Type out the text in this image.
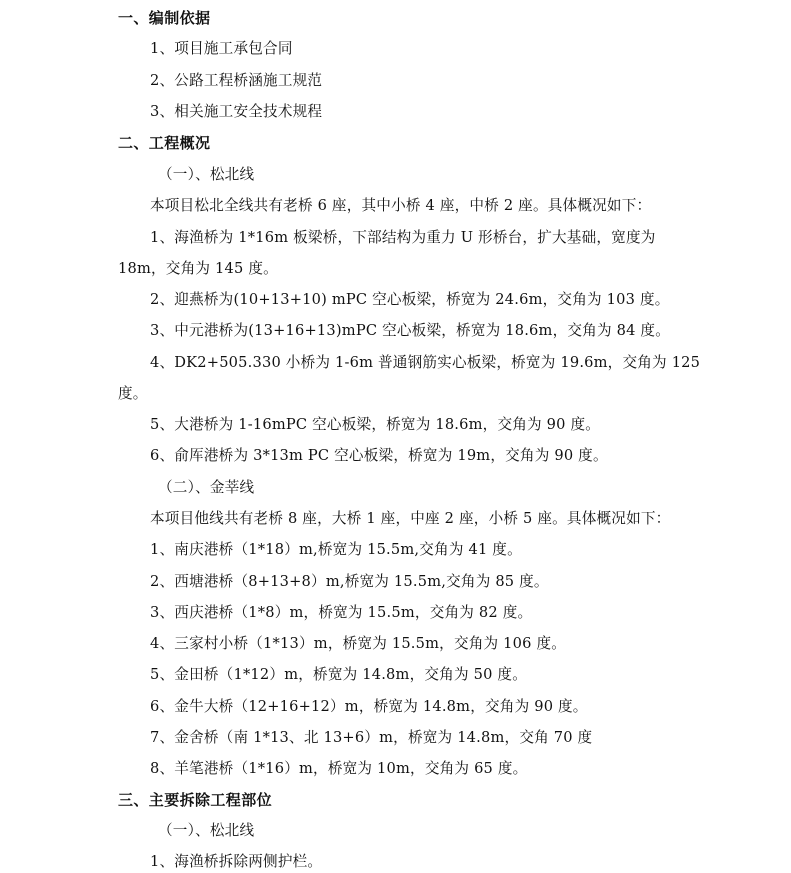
一、编制依据
1、项目施工承包合同
2、公路工程桥涵施工规范
3、相关施工安全技术规程
二、工程概况
（一）、松北线
本项目松北全线共有老桥 6 座，其中小桥 4 座，中桥 2 座。具体概况如下：
1、海渔桥为 1*16m 板梁桥，下部结构为重力 U 形桥台，扩大基础，宽度为
18m，交角为 145 度。
2、迎燕桥为(10+13+10) mPC 空心板梁，桥宽为 24.6m，交角为 103 度。
3、中元港桥为(13+16+13)mPC 空心板梁，桥宽为 18.6m，交角为 84 度。
4、DK2+505.330 小桥为 1-6m 普通钢筋实心板梁，桥宽为 19.6m，交角为 125
度。
5、大港桥为 1-16mPC 空心板梁，桥宽为 18.6m，交角为 90 度。
6、俞厍港桥为 3*13m PC 空心板梁，桥宽为 19m，交角为 90 度。
（二）、金莘线
本项目他线共有老桥 8 座，大桥 1 座，中座 2 座，小桥 5 座。具体概况如下：
1、南庆港桥（1*18）m,桥宽为 15.5m,交角为 41 度。
2、西塘港桥（8+13+8）m,桥宽为 15.5m,交角为 85 度。
3、西庆港桥（1*8）m，桥宽为 15.5m，交角为 82 度。
4、三家村小桥（1*13）m，桥宽为 15.5m，交角为 106 度。
5、金田桥（1*12）m，桥宽为 14.8m，交角为 50 度。
6、金牛大桥（12+16+12）m，桥宽为 14.8m，交角为 90 度。
7、金舍桥（南 1*13、北 13+6）m，桥宽为 14.8m，交角 70 度
8、羊笔港桥（1*16）m，桥宽为 10m，交角为 65 度。
三、主要拆除工程部位
（一）、松北线
1、海渔桥拆除两侧护栏。
